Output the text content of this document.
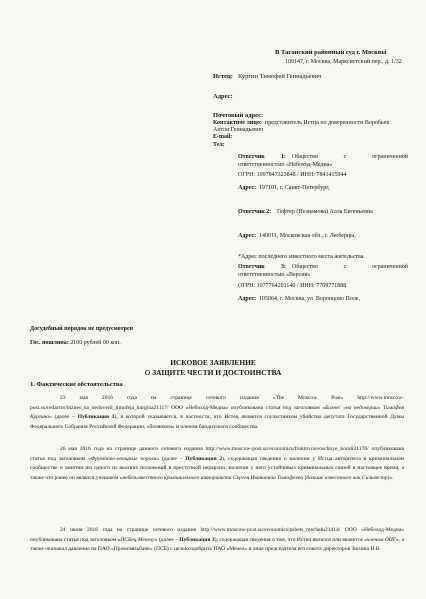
В Таганский районный суд г. Москвы
109147, г. Москва, Марксистский пер., д. 1/32
Истец: Кургин Тимофей Геннадьевич
Адрес:
Почтовый адрес:
Контактное лицо: представитель Истца по доверенности Воробьев
Антон Геннадьевич
E-mail:
Тел:
Ответчик 1: Общество с ограниченной
ответственностью «Небоход-Медиа»
ОГРН: 1097847323848 / ИНН: 7841415944
Адрес: 197101, г. Санкт-Петербург,
Ответчик 2: Гефтер (Незнамова) Алла Евгеньевна
Адрес: 140011, Московская обл., г. Люберцы,
*Адрес последнего известного места жительства.
Ответчик 3: Общество с ограниченной
ответственностью «Версия»
ОГРН: 1077764201140 / ИНН: 7709771888
Адрес: 105064, г. Москва, ул. Воронцово Поле,
Досудебный порядок не предусмотрен
Гос. пошлина: 2100 рублей 00 коп.
ИСКОВОЕ ЗАЯВЛЕНИЕ
О ЗАЩИТЕ ЧЕСТИ И ДОСТОИНСТВА
1. Фактические обстоятельства
23 мая 2016 года на странице сетевого издания «The Moscow Post» http://www.moscow-post.su/redactor/biznes_na_nedoverii_timofeja_kurgina21117/ ООО «Небоход-Медиа» опубликована статья под заголовком «Бизнес «на недоверии» Тимофея Кургина» (далее – Публикация 1), в которой указывается, в частности, что Истец является соучастником убийства депутата Государственной Думы Федерального Собрания Российской Федерации, «боевиком» и членом бандитского сообщества.
26 мая 2016 года на странице данного сетевого издания http://www.moscow-post.su/economics/fruktovoovoschnye_koroli21170/ опубликована статья под заголовком «Фруктово-овощные короли» (далее – Публикация 2), содержащая сведения о наличии у Истца авторитета в криминальном сообществе и занятии им одного из высших положений в преступной иерархии, наличии у него устойчивых криминальных связей в настоящее время, а также что ранее он являлся учеником «небезызвестного криминального авторитета Сергея Ивановича Тимофеева (больше известного как Сильвестр)».
24 июня 2016 года на странице сетевого издания http://www.moscow-post.su/economics/psbets_mechelu21414/ ООО «Небоход-Медиа» опубликована статья под заголовком «ПСБец Мечелу» (далее – Публикация 3), содержащая сведения о том, что Истец являлся или является «членом ОПГ», а также оказывал давление на ПАО «Промсвязьбанк» (ПСБ) с целью одобрить ПАО «Мечел» в лице председателя его совета директоров Зюзина И.В.
